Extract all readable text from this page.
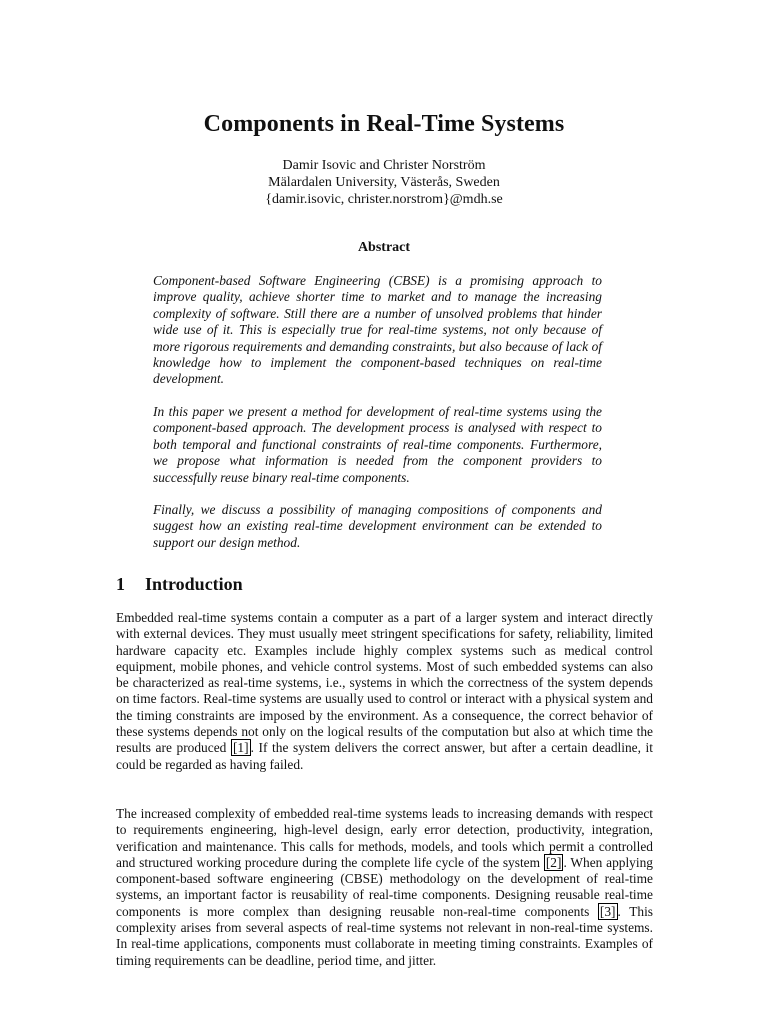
Components in Real-Time Systems
Damir Isovic and Christer Norström
Mälardalen University, Västerås, Sweden
{damir.isovic, christer.norstrom}@mdh.se
Abstract

Component-based Software Engineering (CBSE) is a promising approach to improve quality, achieve shorter time to market and to manage the increasing complexity of software. Still there are a number of unsolved problems that hinder wide use of it. This is especially true for real-time systems, not only because of more rigorous requirements and demanding constraints, but also because of lack of knowledge how to implement the component-based techniques on real-time development.

In this paper we present a method for development of real-time systems using the component-based approach. The development process is analysed with respect to both temporal and functional constraints of real-time components. Furthermore, we propose what information is needed from the component providers to successfully reuse binary real-time components.

Finally, we discuss a possibility of managing compositions of components and suggest how an existing real-time development environment can be extended to support our design method.

1 Introduction

Embedded real-time systems contain a computer as a part of a larger system and interact directly with external devices. They must usually meet stringent specifications for safety, reliability, limited hardware capacity etc. Examples include highly complex systems such as medical control equipment, mobile phones, and vehicle control systems. Most of such embedded systems can also be characterized as real-time systems, i.e., systems in which the correctness of the system depends on time factors. Real-time systems are usually used to control or interact with a physical system and the timing constraints are imposed by the environment. As a consequence, the correct behavior of these systems depends not only on the logical results of the computation but also at which time the results are produced [1] . If the system delivers the correct answer, but after a certain deadline, it could be regarded as having failed.

The increased complexity of embedded real-time systems leads to increasing demands with respect to requirements engineering, high-level design, early error detection, productivity, integration, verification and maintenance. This calls for methods, models, and tools which permit a controlled and structured working procedure during the complete life cycle of the system [2] . When applying component-based software engineering (CBSE) methodology on the development of real-time systems, an important factor is reusability of real-time components. Designing reusable real-time components is more complex than designing reusable non-real-time components [3] . This complexity arises from several aspects of real-time systems not relevant in non-real-time systems. In real-time applications, components must collaborate in meeting timing constraints. Examples of timing requirements can be deadline, period time, and jitter.
